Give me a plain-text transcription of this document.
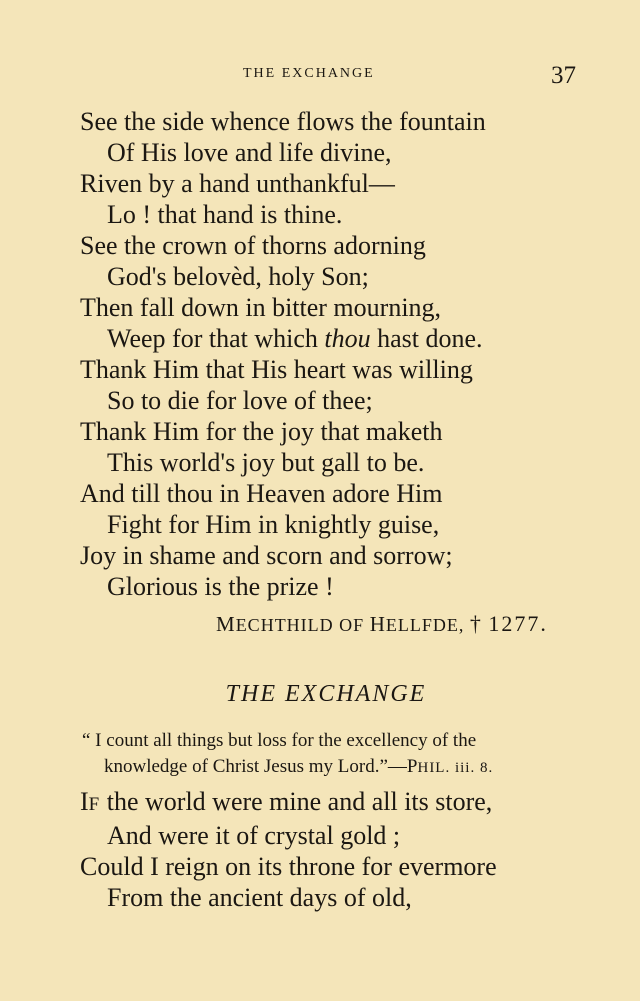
THE EXCHANGE	37
See the side whence flows the fountain
Of His love and life divine,
Riven by a hand unthankful—
Lo ! that hand is thine.
See the crown of thorns adorning
God's belovèd, holy Son;
Then fall down in bitter mourning,
Weep for that which thou hast done.
Thank Him that His heart was willing
So to die for love of thee;
Thank Him for the joy that maketh
This world's joy but gall to be.
And till thou in Heaven adore Him
Fight for Him in knightly guise,
Joy in shame and scorn and sorrow;
Glorious is the prize !
MECHTHILD OF HELLFDE, † 1277.
THE EXCHANGE
“ I count all things but loss for the excellency of the
knowledge of Christ Jesus my Lord.”—PHIL. iii. 8.
IF the world were mine and all its store,
And were it of crystal gold ;
Could I reign on its throne for evermore
From the ancient days of old,
